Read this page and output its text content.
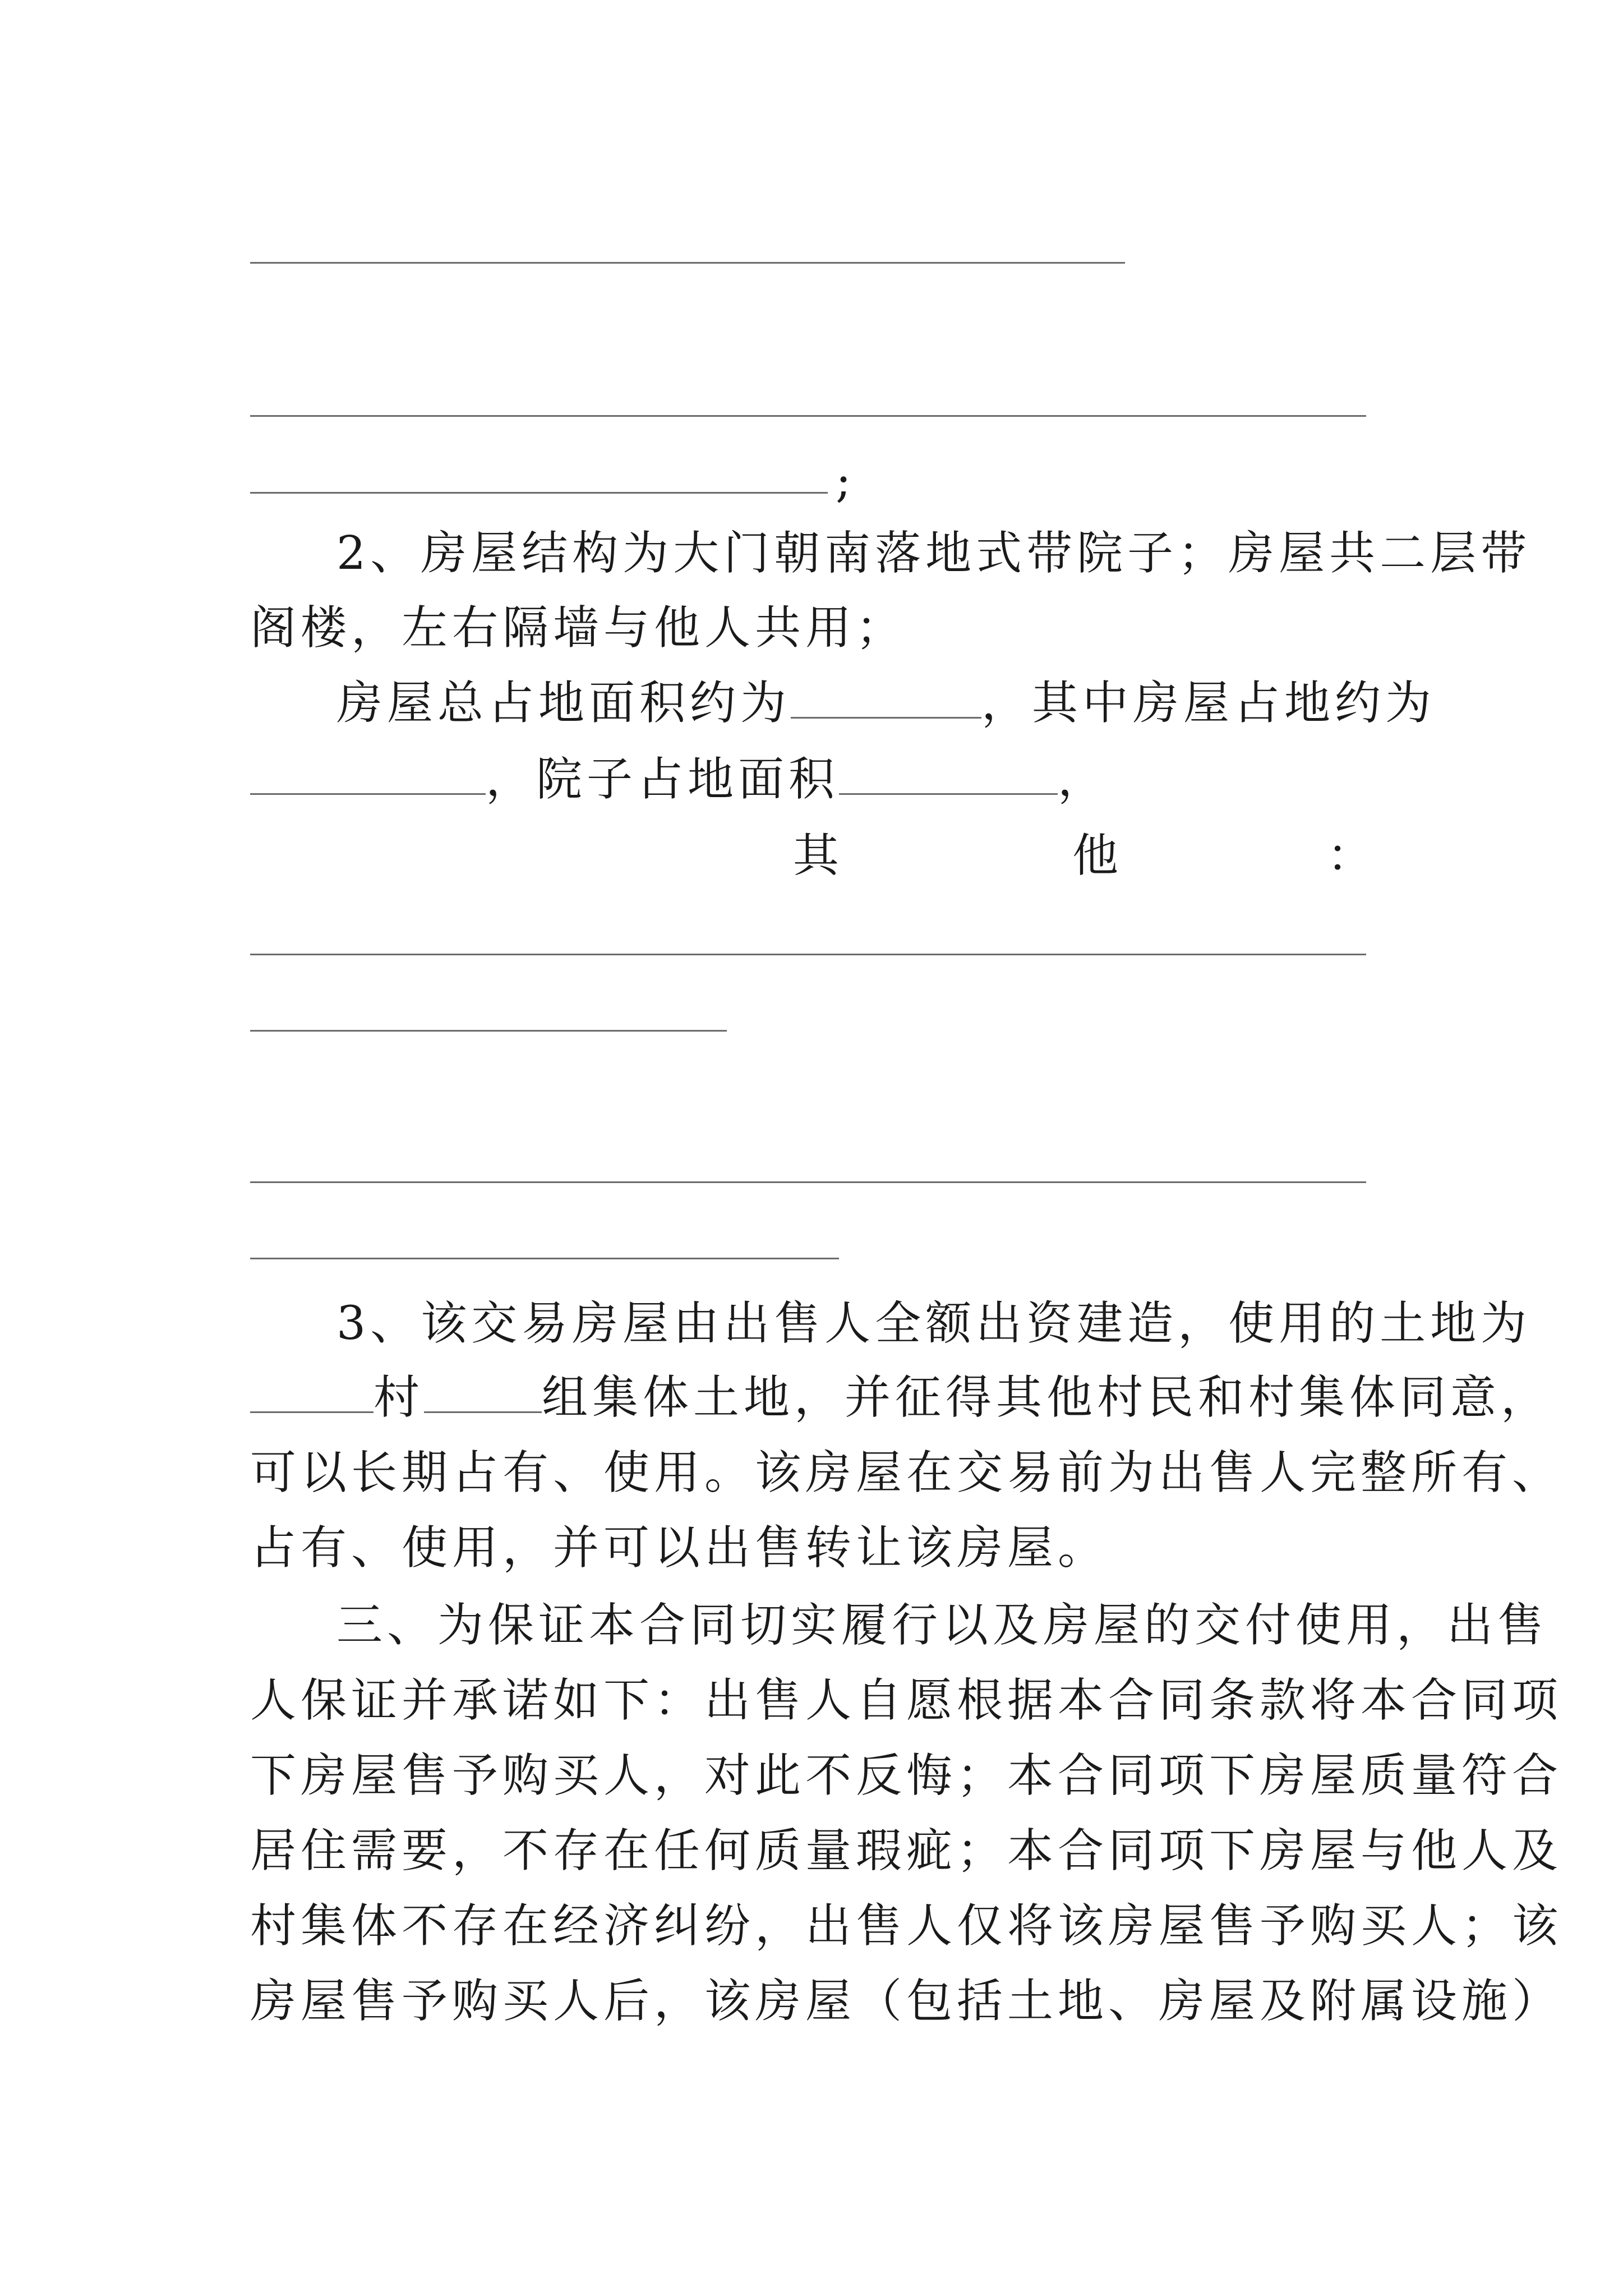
;
2、房屋结构为大门朝南落地式带院子；房屋共二层带
阁楼，左右隔墙与他人共用；
房屋总占地面积约为	，其中房屋占地约为
，院子占地面积	，
其	他	：
3、该交易房屋由出售人全额出资建造，使用的土地为
村	组集体土地，并征得其他村民和村集体同意，
可以长期占有、使用。该房屋在交易前为出售人完整所有、
占有、使用，并可以出售转让该房屋。
三、为保证本合同切实履行以及房屋的交付使用，出售
人保证并承诺如下：出售人自愿根据本合同条款将本合同项
下房屋售予购买人，对此不反悔；本合同项下房屋质量符合
居住需要，不存在任何质量瑕疵；本合同项下房屋与他人及
村集体不存在经济纠纷，出售人仅将该房屋售予购买人；该
房屋售予购买人后，该房屋（包括土地、房屋及附属设施）
